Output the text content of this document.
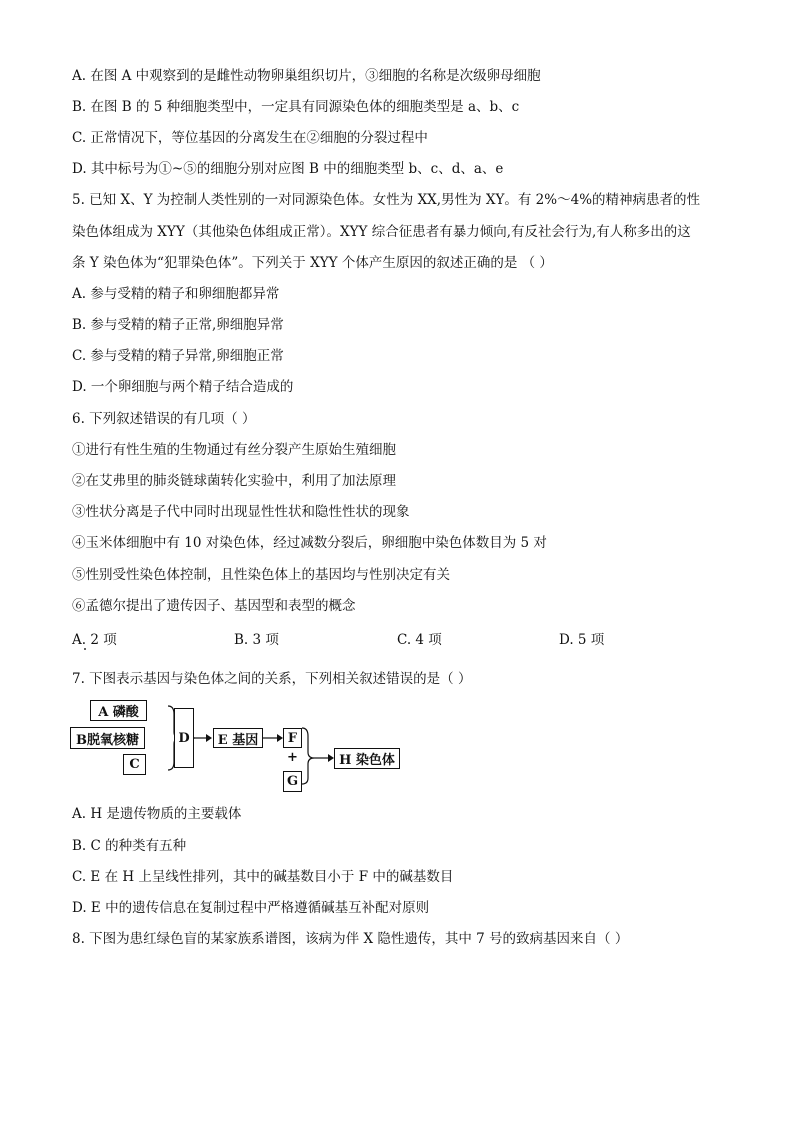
A. 在图 A 中观察到的是雌性动物卵巢组织切片，③细胞的名称是次级卵母细胞
B. 在图 B 的 5 种细胞类型中，一定具有同源染色体的细胞类型是 a、b、c
C. 正常情况下，等位基因的分离发生在②细胞的分裂过程中
D. 其中标号为①~⑤的细胞分别对应图 B 中的细胞类型 b、c、d、a、e
5. 已知 X、Y 为控制人类性别的一对同源染色体。女性为 XX,男性为 XY。有 2%～4%的精神病患者的性
染色体组成为 XYY（其他染色体组成正常）。XYY 综合征患者有暴力倾向,有反社会行为,有人称多出的这
条 Y 染色体为“犯罪染色体”。下列关于 XYY 个体产生原因的叙述正确的是 （ ）
A. 参与受精的精子和卵细胞都异常
B. 参与受精的精子正常,卵细胞异常
C. 参与受精的精子异常,卵细胞正常
D. 一个卵细胞与两个精子结合造成的
6. 下列叙述错误的有几项（ ）
①进行有性生殖的生物通过有丝分裂产生原始生殖细胞
②在艾弗里的肺炎链球菌转化实验中，利用了加法原理
③性状分离是子代中同时出现显性性状和隐性性状的现象
④玉米体细胞中有 10 对染色体，经过减数分裂后，卵细胞中染色体数目为 5 对
⑤性别受性染色体控制，且性染色体上的基因均与性别决定有关
⑥孟德尔提出了遗传因子、基因型和表型的概念
A. 2 项	B. 3 项	C. 4 项	D. 5 项
7. 下图表示基因与染色体之间的关系，下列相关叙述错误的是（ ）
A 磷酸
B脱氧核糖
C
D	E 基因	F
+
G
H 染色体
A. H 是遗传物质的主要载体
B. C 的种类有五种
C. E 在 H 上呈线性排列，其中的碱基数目小于 F 中的碱基数目
D. E 中的遗传信息在复制过程中严格遵循碱基互补配对原则
8. 下图为患红绿色盲的某家族系谱图，该病为伴 X 隐性遗传，其中 7 号的致病基因来自（ ）
